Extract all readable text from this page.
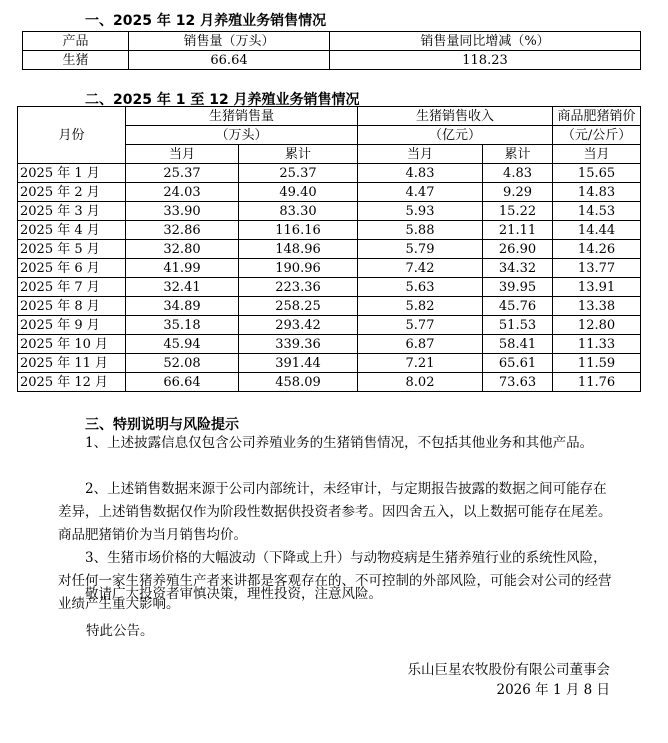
一、2025 年 12 月养殖业务销售情况
产品	销售量（万头）	销售量同比增减（%）
生猪	66.64	118.23
二、2025 年 1 至 12 月养殖业务销售情况
月份	生猪销售量		生猪销售收入		商品肥猪销价
	（万头）		（亿元）		（元/公斤）
	当月	累计	当月	累计	当月
2025 年 1 月	25.37	25.37	4.83	4.83	15.65
2025 年 2 月	24.03	49.40	4.47	9.29	14.83
2025 年 3 月	33.90	83.30	5.93	15.22	14.53
2025 年 4 月	32.86	116.16	5.88	21.11	14.44
2025 年 5 月	32.80	148.96	5.79	26.90	14.26
2025 年 6 月	41.99	190.96	7.42	34.32	13.77
2025 年 7 月	32.41	223.36	5.63	39.95	13.91
2025 年 8 月	34.89	258.25	5.82	45.76	13.38
2025 年 9 月	35.18	293.42	5.77	51.53	12.80
2025 年 10 月	45.94	339.36	6.87	58.41	11.33
2025 年 11 月	52.08	391.44	7.21	65.61	11.59
2025 年 12 月	66.64	458.09	8.02	73.63	11.76
三、特别说明与风险提示
1、上述披露信息仅包含公司养殖业务的生猪销售情况，不包括其他业务和其他产品。
2、上述销售数据来源于公司内部统计，未经审计，与定期报告披露的数据之间可能存在差异，上述销售数据仅作为阶段性数据供投资者参考。因四舍五入，以上数据可能存在尾差。商品肥猪销价为当月销售均价。
3、生猪市场价格的大幅波动（下降或上升）与动物疫病是生猪养殖行业的系统性风险，对任何一家生猪养殖生产者来讲都是客观存在的、不可控制的外部风险，可能会对公司的经营业绩产生重大影响。
敬请广大投资者审慎决策，理性投资，注意风险。
特此公告。
乐山巨星农牧股份有限公司董事会
2026 年 1 月 8 日
